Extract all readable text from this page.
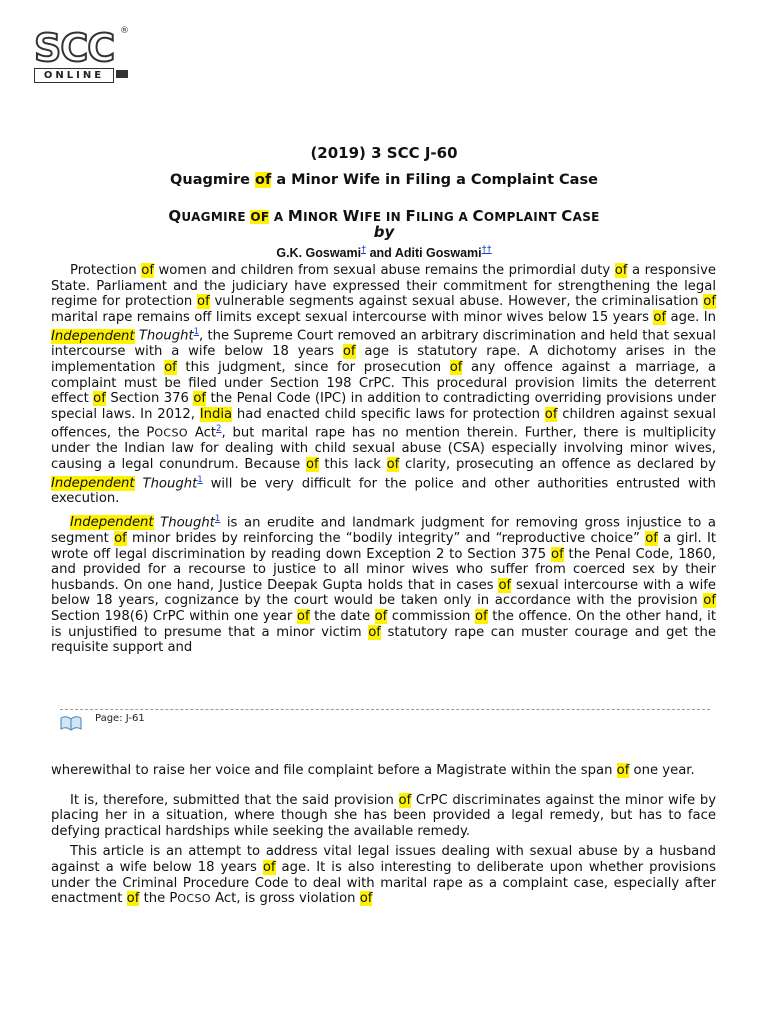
SCC ®
ONLINE
(2019) 3 SCC J-60
Quagmire of a Minor Wife in Filing a Complaint Case
QUAGMIRE OF A MINOR WIFE IN FILING A COMPLAINT CASE
by
G.K. Goswami† and Aditi Goswami††

Protection of women and children from sexual abuse remains the primordial duty of a responsive State. Parliament and the judiciary have expressed their commitment for strengthening the legal regime for protection of vulnerable segments against sexual abuse. However, the criminalisation of marital rape remains off limits except sexual intercourse with minor wives below 15 years of age. In Independent Thought$^1$, the Supreme Court removed an arbitrary discrimination and held that sexual intercourse with a wife below 18 years of age is statutory rape. A dichotomy arises in the implementation of this judgment, since for prosecution of any offence against a marriage, a complaint must be filed under Section 198 CrPC. This procedural provision limits the deterrent effect of Section 376 of the Penal Code (IPC) in addition to contradicting overriding provisions under special laws. In 2012, India had enacted child specific laws for protection of children against sexual offences, the POCSO Act$^2$, but marital rape has no mention therein. Further, there is multiplicity under the Indian law for dealing with child sexual abuse (CSA) especially involving minor wives, causing a legal conundrum. Because of this lack of clarity, prosecuting an offence as declared by Independent Thought$^1$ will be very difficult for the police and other authorities entrusted with execution.

Independent Thought$^1$ is an erudite and landmark judgment for removing gross injustice to a segment of minor brides by reinforcing the “bodily integrity” and “reproductive choice” of a girl. It wrote off legal discrimination by reading down Exception 2 to Section 375 of the Penal Code, 1860, and provided for a recourse to justice to all minor wives who suffer from coerced sex by their husbands. On one hand, Justice Deepak Gupta holds that in cases of sexual intercourse with a wife below 18 years, cognizance by the court would be taken only in accordance with the provision of Section 198(6) CrPC within one year of the date of commission of the offence. On the other hand, it is unjustified to presume that a minor victim of statutory rape can muster courage and get the requisite support and

Page: J-61

wherewithal to raise her voice and file complaint before a Magistrate within the span of one year.

It is, therefore, submitted that the said provision of CrPC discriminates against the minor wife by placing her in a situation, where though she has been provided a legal remedy, but has to face defying practical hardships while seeking the available remedy.

This article is an attempt to address vital legal issues dealing with sexual abuse by a husband against a wife below 18 years of age. It is also interesting to deliberate upon whether provisions under the Criminal Procedure Code to deal with marital rape as a complaint case, especially after enactment of the POCSO Act, is gross violation of
